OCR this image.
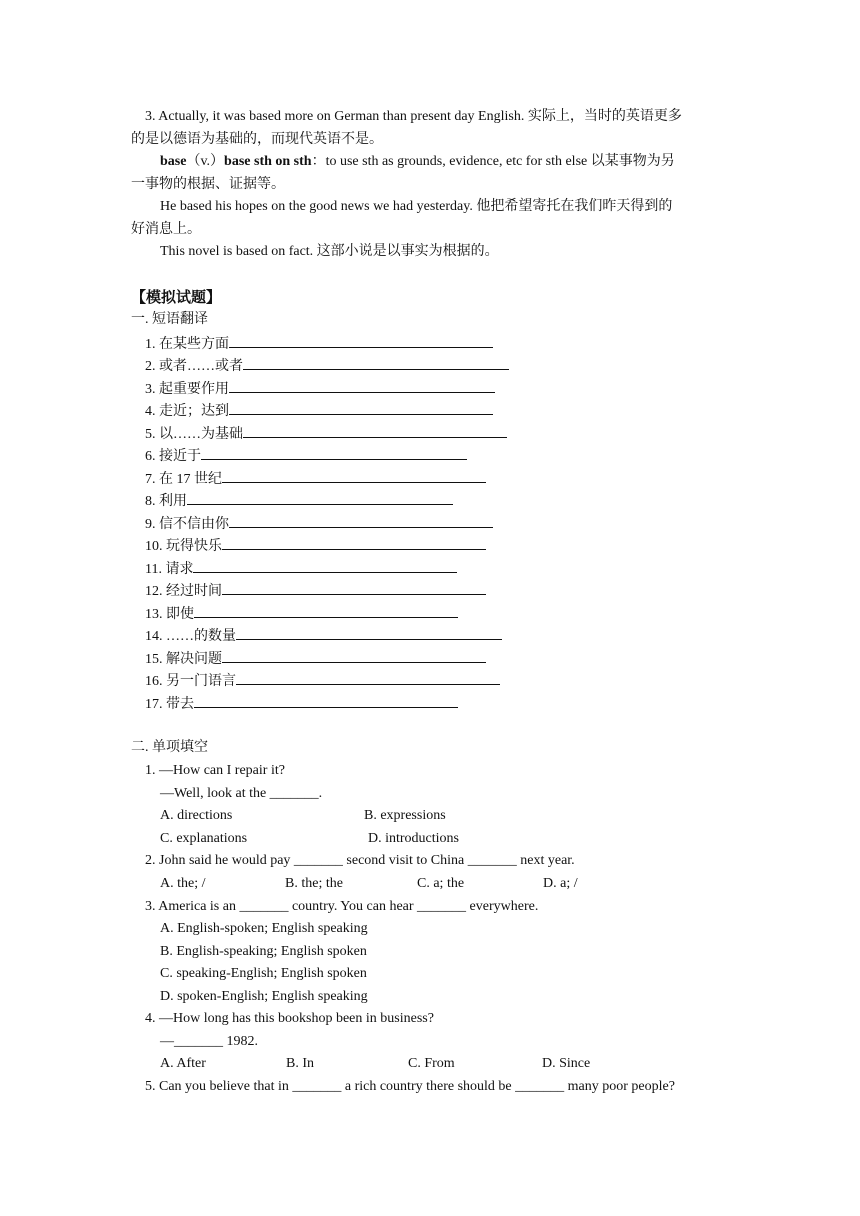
3. Actually, it was based more on German than present day English. 实际上，当时的英语更多
的是以德语为基础的，而现代英语不是。
base（v.）base sth on sth：to use sth as grounds, evidence, etc for sth else 以某事物为另
一事物的根据、证据等。
He based his hopes on the good news we had yesterday. 他把希望寄托在我们昨天得到的
好消息上。
This novel is based on fact. 这部小说是以事实为根据的。
【模拟试题】
一. 短语翻译
1. 在某些方面
2. 或者……或者
3. 起重要作用
4. 走近；达到
5. 以……为基础
6. 接近于
7. 在 17 世纪
8. 利用
9. 信不信由你
10. 玩得快乐
11. 请求
12. 经过时间
13. 即使
14. ……的数量
15. 解决问题
16. 另一门语言
17. 带去
二. 单项填空
1. —How can I repair it?
—Well, look at the _______.
A. directions	B. expressions
C. explanations	D. introductions
2. John said he would pay _______ second visit to China _______ next year.
A. the; /	B. the; the	C. a; the	D. a; /
3. America is an _______ country. You can hear _______ everywhere.
A. English-spoken; English speaking
B. English-speaking; English spoken
C. speaking-English; English spoken
D. spoken-English; English speaking
4. —How long has this bookshop been in business?
—_______ 1982.
A. After	B. In	C. From	D. Since
5. Can you believe that in _______ a rich country there should be _______ many poor people?
